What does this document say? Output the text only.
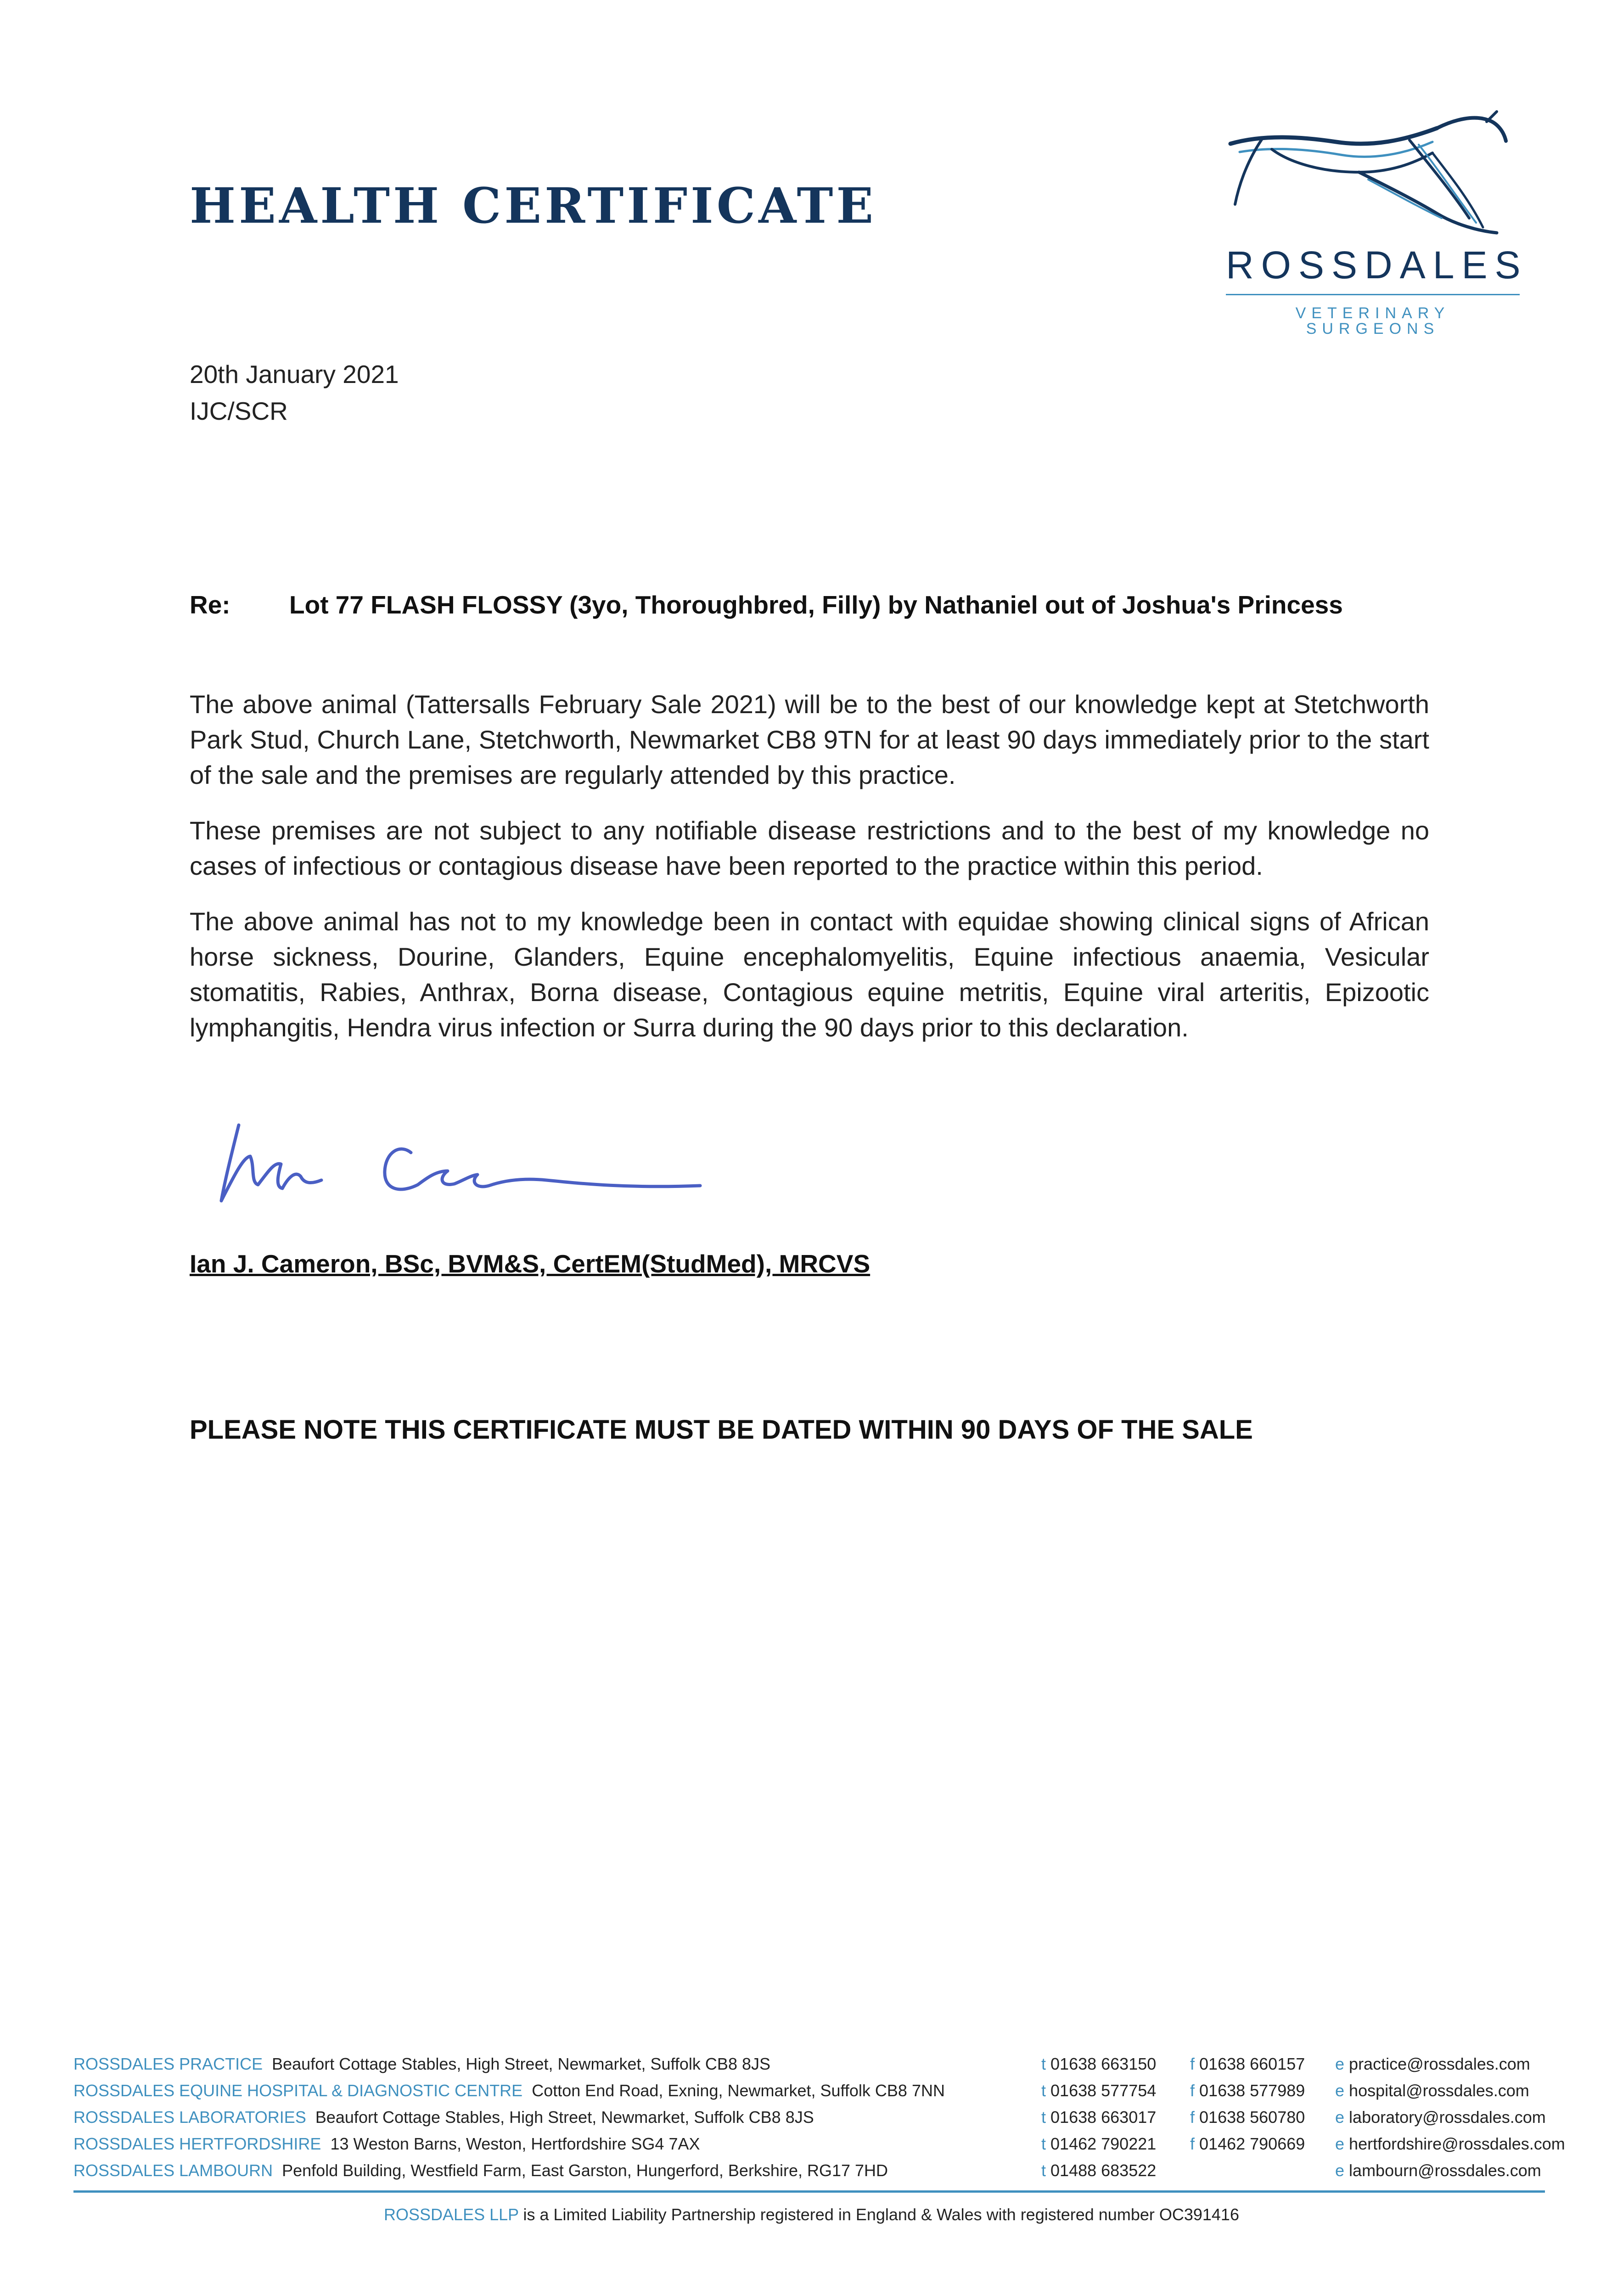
HEALTH CERTIFICATE
ROSSDALES
VETERINARY SURGEONS
20th January 2021
IJC/SCR
Re:	Lot 77 FLASH FLOSSY (3yo, Thoroughbred, Filly) by Nathaniel out of Joshua's Princess

The above animal (Tattersalls February Sale 2021) will be to the best of our knowledge kept at Stetchworth Park Stud, Church Lane, Stetchworth, Newmarket CB8 9TN for at least 90 days immediately prior to the start of the sale and the premises are regularly attended by this practice.

These premises are not subject to any notifiable disease restrictions and to the best of my knowledge no cases of infectious or contagious disease have been reported to the practice within this period.

The above animal has not to my knowledge been in contact with equidae showing clinical signs of African horse sickness, Dourine, Glanders, Equine encephalomyelitis, Equine infectious anaemia, Vesicular stomatitis, Rabies, Anthrax, Borna disease, Contagious equine metritis, Equine viral arteritis, Epizootic lymphangitis, Hendra virus infection or Surra during the 90 days prior to this declaration.

Ian J. Cameron, BSc, BVM&S, CertEM(StudMed), MRCVS
PLEASE NOTE THIS CERTIFICATE MUST BE DATED WITHIN 90 DAYS OF THE SALE
ROSSDALES PRACTICE Beaufort Cottage Stables, High Street, Newmarket, Suffolk CB8 8JS	t 01638 663150 f 01638 660157 e practice@rossdales.com
ROSSDALES EQUINE HOSPITAL & DIAGNOSTIC CENTRE Cotton End Road, Exning, Newmarket, Suffolk CB8 7NN	t 01638 577754 f 01638 577989 e hospital@rossdales.com
ROSSDALES LABORATORIES Beaufort Cottage Stables, High Street, Newmarket, Suffolk CB8 8JS	t 01638 663017 f 01638 560780 e laboratory@rossdales.com
ROSSDALES HERTFORDSHIRE 13 Weston Barns, Weston, Hertfordshire SG4 7AX	t 01462 790221 f 01462 790669 e hertfordshire@rossdales.com
ROSSDALES LAMBOURN Penfold Building, Westfield Farm, East Garston, Hungerford, Berkshire, RG17 7HD	t 01488 683522	e lambourn@rossdales.com
ROSSDALES LLP is a Limited Liability Partnership registered in England & Wales with registered number OC391416
